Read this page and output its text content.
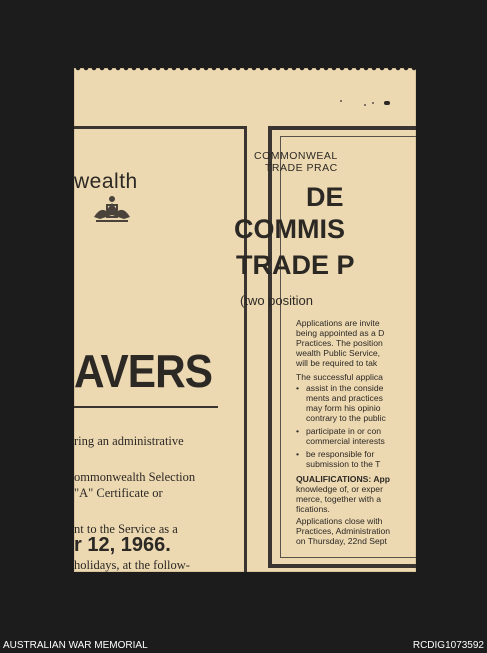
wealth
AVERS
ring an administrative
ommonwealth Selection
"A" Certificate or
nt to the Service as a
holidays, at the follow-
r 12, 1966.
COMMONWEAL
TRADE PRAC
DE
COMMIS
TRADE P
(two position
Applications are invite
being appointed as a D
Practices. The position
wealth Public Service,
will be required to tak
The successful applica
• assist in the conside
ments and practices
may form his opinio
contrary to the public
• participate in or con
commercial interests
• be responsible for
submission to the T
QUALIFICATIONS: App
knowledge of, or exper
merce, together with a
fications.
Applications close with
Practices, Administration
on Thursday, 22nd Sept
AUSTRALIAN WAR MEMORIAL	RCDIG1073592
